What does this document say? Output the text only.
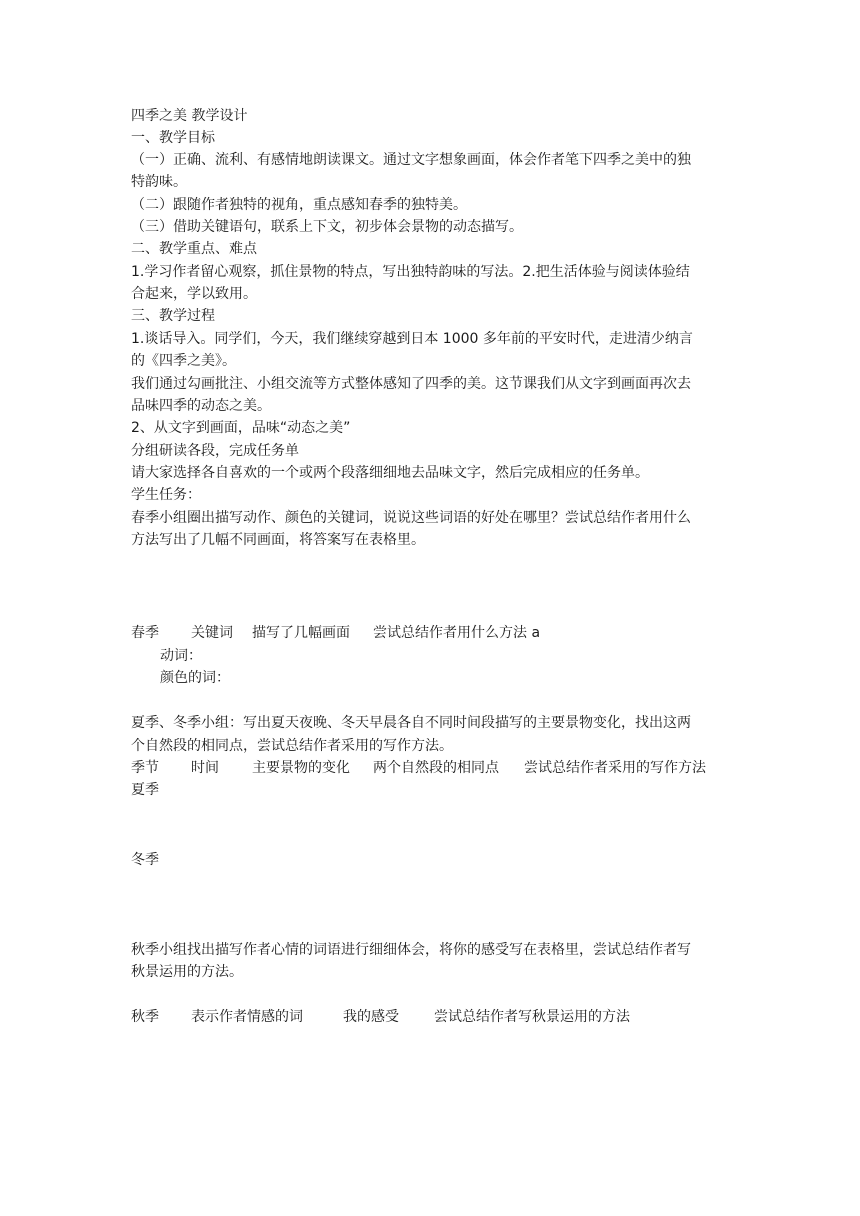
四季之美 教学设计
一、教学目标
（一）正确、流利、有感情地朗读课文。通过文字想象画面，体会作者笔下四季之美中的独
特韵味。
（二）跟随作者独特的视角，重点感知春季的独特美。
（三）借助关键语句，联系上下文，初步体会景物的动态描写。
二、教学重点、难点
1.学习作者留心观察，抓住景物的特点，写出独特韵味的写法。2.把生活体验与阅读体验结
合起来，学以致用。
三、教学过程
1.谈话导入。同学们，今天，我们继续穿越到日本 1000 多年前的平安时代，走进清少纳言
的《四季之美》。
我们通过勾画批注、小组交流等方式整体感知了四季的美。这节课我们从文字到画面再次去
品味四季的动态之美。
2、从文字到画面，品味“动态之美”
分组研读各段，完成任务单
请大家选择各自喜欢的一个或两个段落细细地去品味文字，然后完成相应的任务单。
学生任务：
春季小组圈出描写动作、颜色的关键词，说说这些词语的好处在哪里？尝试总结作者用什么
方法写出了几幅不同画面，将答案写在表格里。
春季 关键词 描写了几幅画面 尝试总结作者用什么方法 a
动词：
颜色的词：
夏季、冬季小组：写出夏天夜晚、冬天早晨各自不同时间段描写的主要景物变化，找出这两
个自然段的相同点，尝试总结作者采用的写作方法。
季节 时间 主要景物的变化 两个自然段的相同点 尝试总结作者采用的写作方法
夏季
冬季
秋季小组找出描写作者心情的词语进行细细体会，将你的感受写在表格里，尝试总结作者写
秋景运用的方法。
秋季 表示作者情感的词	我的感受	尝试总结作者写秋景运用的方法
